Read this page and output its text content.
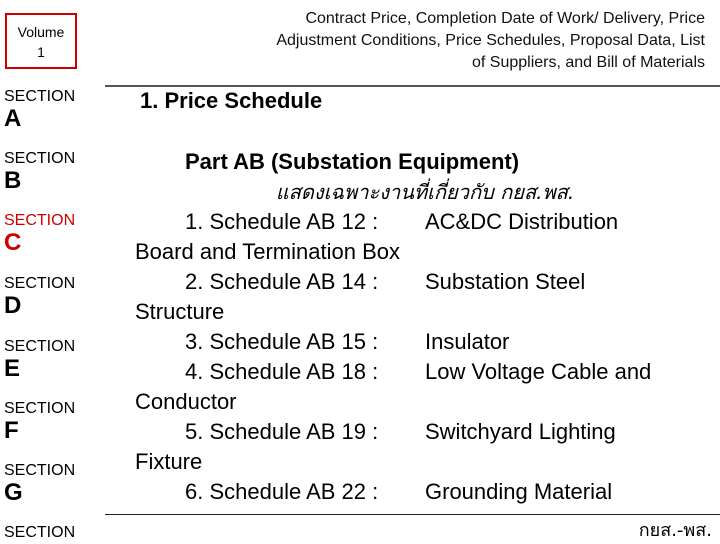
Volume
1
SECTION
A
SECTION
B
SECTION
C
SECTION
D
SECTION
E
SECTION
F
SECTION
G
SECTION
Contract Price, Completion Date of Work/ Delivery, Price
Adjustment Conditions, Price Schedules, Proposal Data, List
of Suppliers, and Bill of Materials
1. Price Schedule
Part AB (Substation Equipment)
แสดงเฉพาะงานที่เกี่ยวกับ กยส.พส.
1. Schedule AB 12 : AC&DC Distribution
Board and Termination Box
2. Schedule AB 14 : Substation Steel
Structure
3. Schedule AB 15 : Insulator
4. Schedule AB 18 : Low Voltage Cable and
Conductor
5. Schedule AB 19 : Switchyard Lighting
Fixture
6. Schedule AB 22 : Grounding Material
กยส.-พส.
